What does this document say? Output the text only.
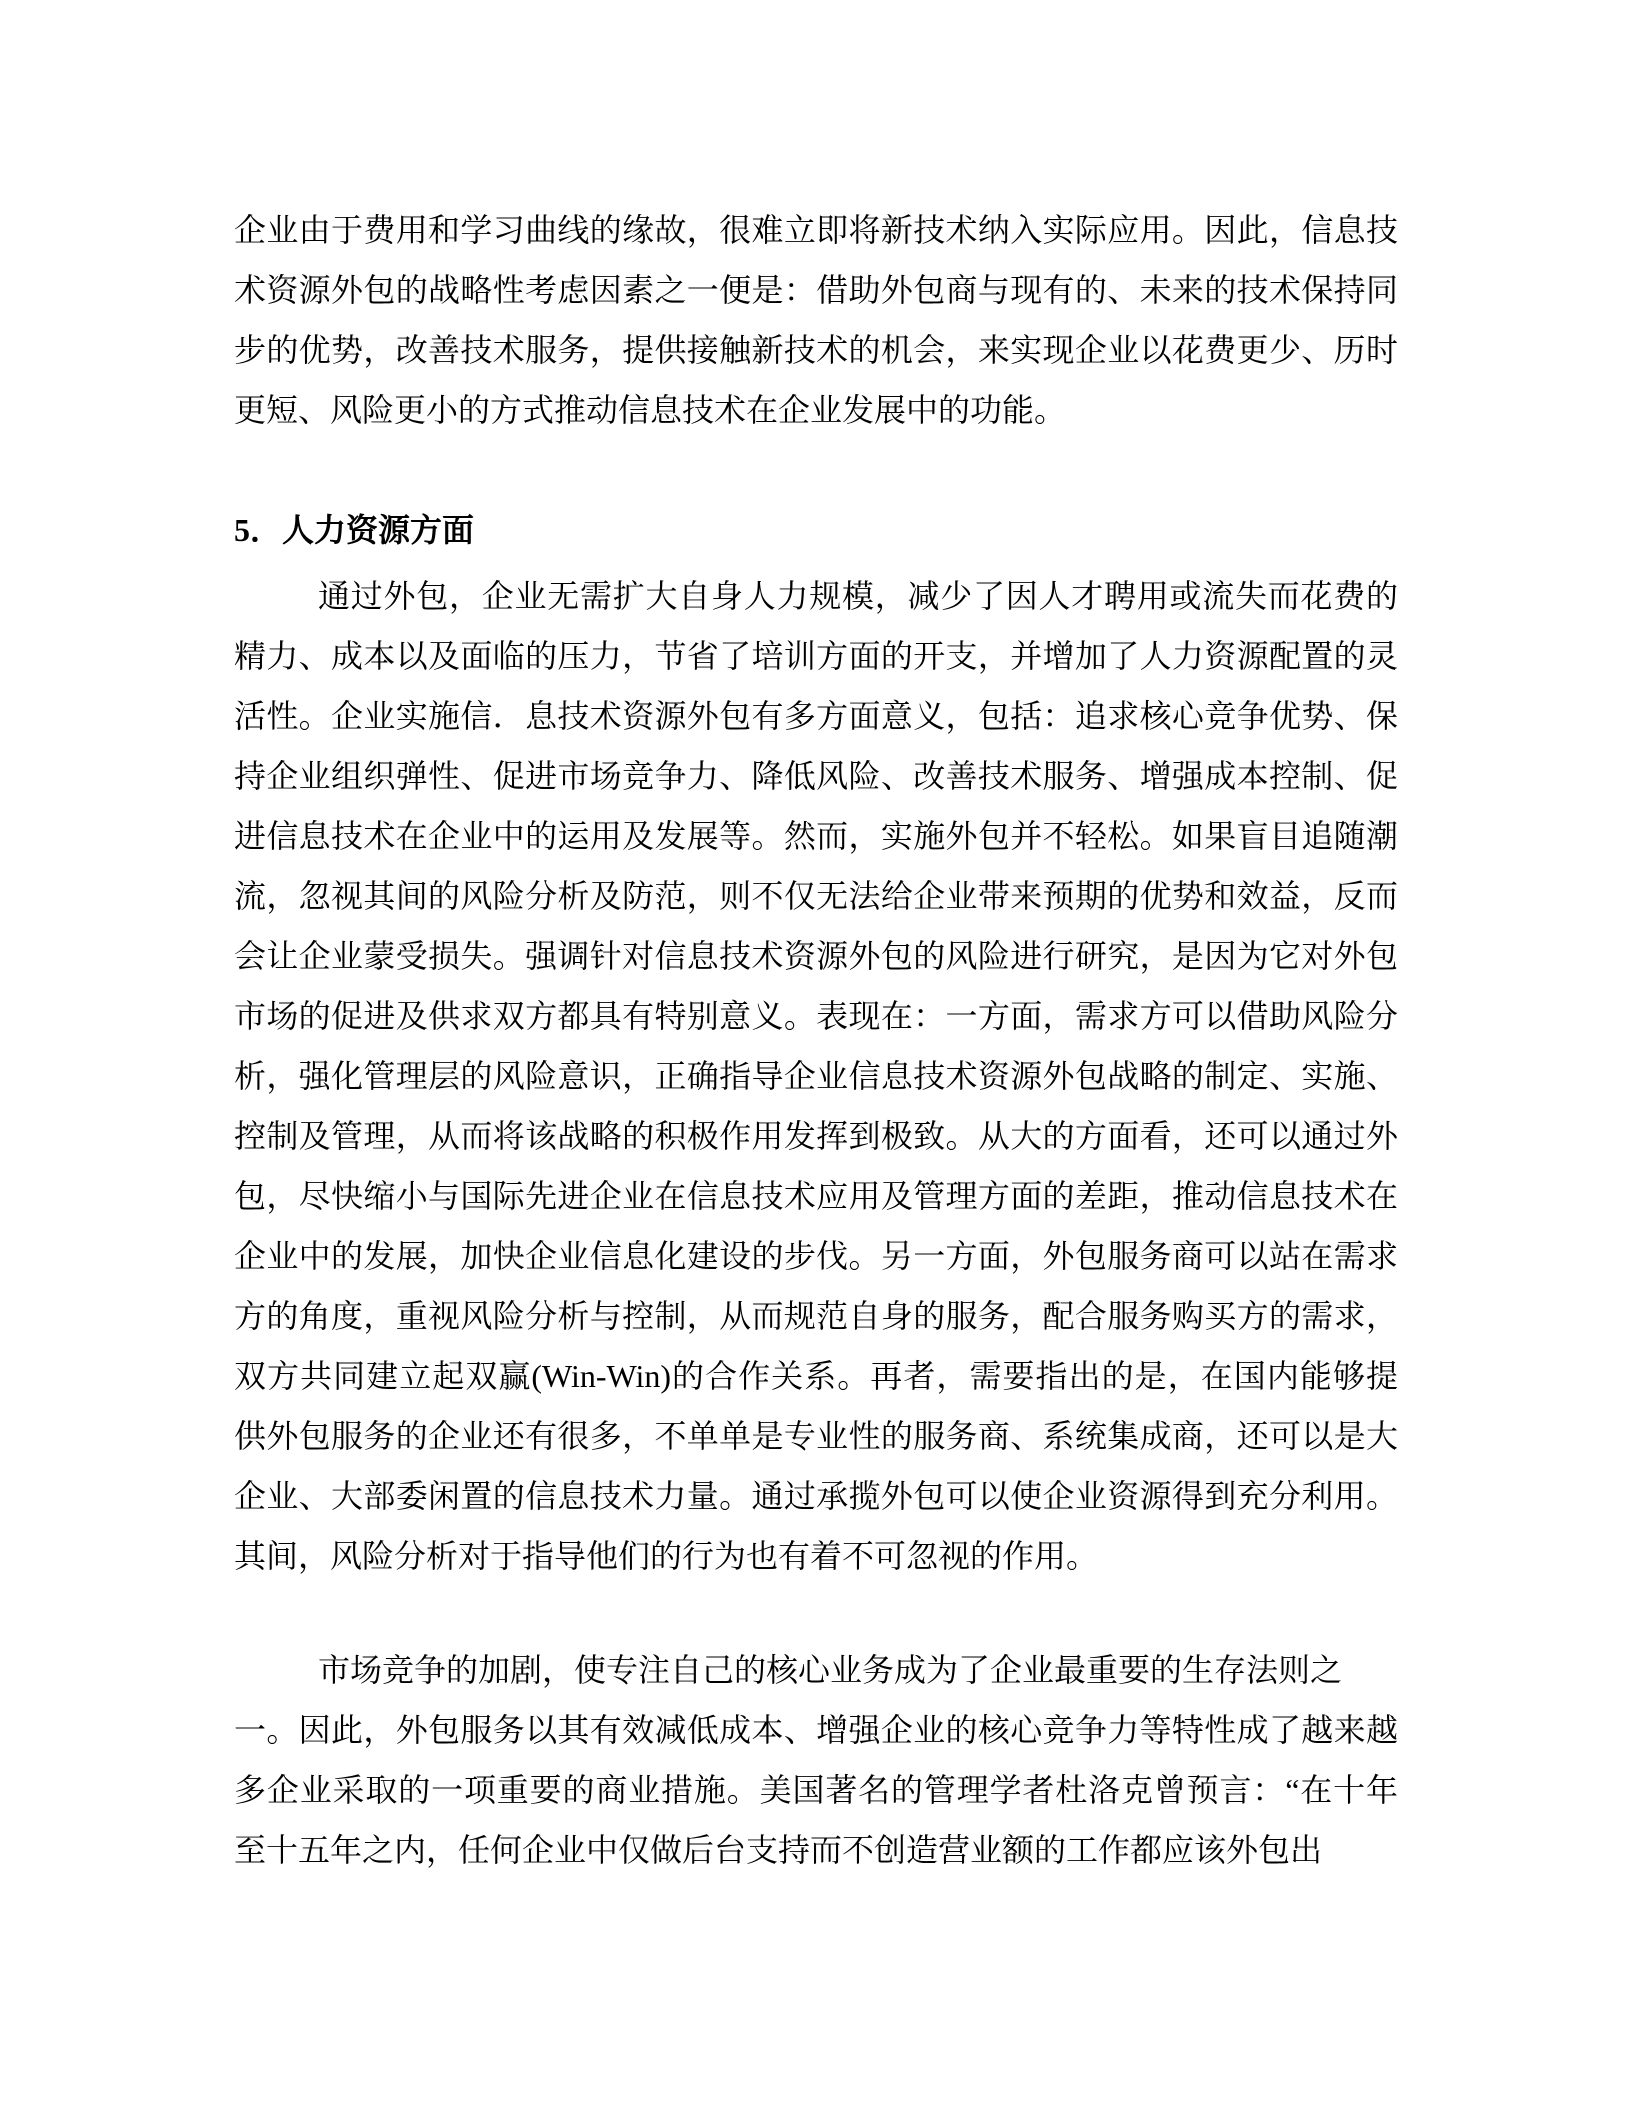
企业由于费用和学习曲线的缘故，很难立即将新技术纳入实际应用。因此，信息技
术资源外包的战略性考虑因素之一便是：借助外包商与现有的、未来的技术保持同
步的优势，改善技术服务，提供接触新技术的机会，来实现企业以花费更少、历时
更短、风险更小的方式推动信息技术在企业发展中的功能。
5．人力资源方面
通过外包，企业无需扩大自身人力规模，减少了因人才聘用或流失而花费的
精力、成本以及面临的压力，节省了培训方面的开支，并增加了人力资源配置的灵
活性。企业实施信．息技术资源外包有多方面意义，包括：追求核心竞争优势、保
持企业组织弹性、促进市场竞争力、降低风险、改善技术服务、增强成本控制、促
进信息技术在企业中的运用及发展等。然而，实施外包并不轻松。如果盲目追随潮
流，忽视其间的风险分析及防范，则不仅无法给企业带来预期的优势和效益，反而
会让企业蒙受损失。强调针对信息技术资源外包的风险进行研究，是因为它对外包
市场的促进及供求双方都具有特别意义。表现在：一方面，需求方可以借助风险分
析，强化管理层的风险意识，正确指导企业信息技术资源外包战略的制定、实施、
控制及管理，从而将该战略的积极作用发挥到极致。从大的方面看，还可以通过外
包，尽快缩小与国际先进企业在信息技术应用及管理方面的差距，推动信息技术在
企业中的发展，加快企业信息化建设的步伐。另一方面，外包服务商可以站在需求
方的角度，重视风险分析与控制，从而规范自身的服务，配合服务购买方的需求，
双方共同建立起双赢(Win-Win)的合作关系。再者，需要指出的是，在国内能够提
供外包服务的企业还有很多，不单单是专业性的服务商、系统集成商，还可以是大
企业、大部委闲置的信息技术力量。通过承揽外包可以使企业资源得到充分利用。
其间，风险分析对于指导他们的行为也有着不可忽视的作用。
市场竞争的加剧，使专注自己的核心业务成为了企业最重要的生存法则之
一。因此，外包服务以其有效减低成本、增强企业的核心竞争力等特性成了越来越
多企业采取的一项重要的商业措施。美国著名的管理学者杜洛克曾预言：“在十年
至十五年之内，任何企业中仅做后台支持而不创造营业额的工作都应该外包出
